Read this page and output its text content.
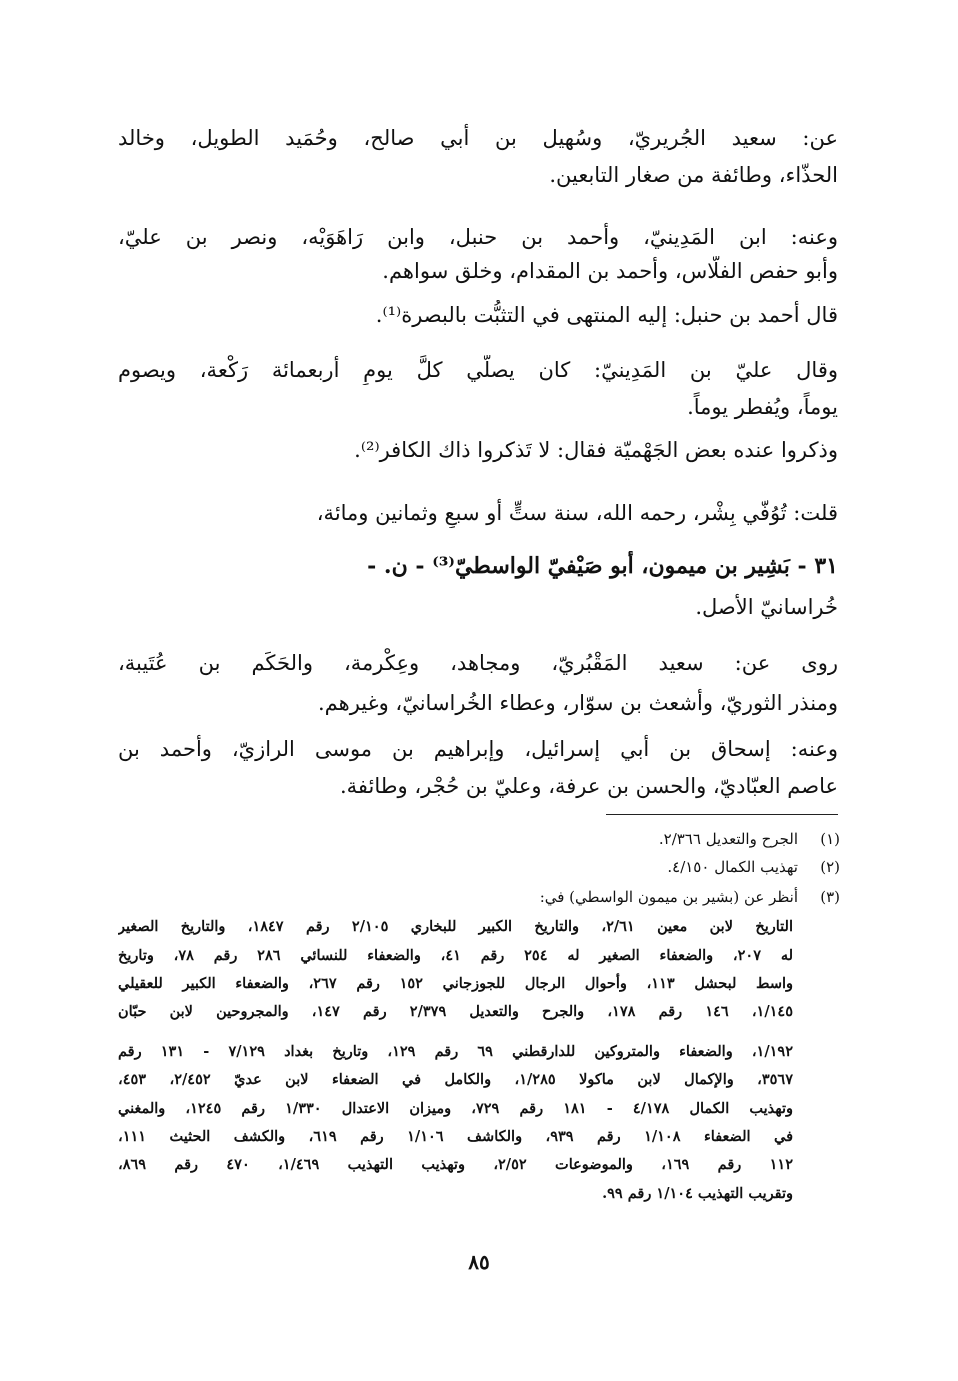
عن: سعيد الجُريريّ، وسُهيل بن أبي صالح، وحُمَيد الطويل، وخالد

الحذّاء، وطائفة من صغار التابعين.

وعنه: ابن المَدِينيّ، وأحمد بن حنبل، وابن رَاهَوَيْه، ونصر بن عليّ،

وأبو حفص الفلّاس، وأحمد بن المقدام، وخلق سواهم.

قال أحمد بن حنبل: إليه المنتهى في التثبُّت بالبصرة⁽¹⁾.

وقال عليّ بن المَدِينيّ: كان يصلّي كلَّ يومٍ أربعمائة رَكْعة، ويصوم

يوماً، ويُفطر يوماً.

وذكروا عنده بعض الجَهْميّة فقال: لا تَذكروا ذاك الكافر⁽²⁾.

قلت: تُوُفّي بِشْر، رحمه الله، سنة ستٍّ أو سبعٍ وثمانين ومائة،

٣١ - بَشِير بن ميمون، أبو صَيْفيّ الواسطيّ⁽³⁾ - ن. -

خُراسانيّ الأصل.

روى عن: سعيد المَقْبُريّ، ومجاهد، وعِكْرمة، والحَكَم بن عُتَيبة،

ومنذر الثوريّ، وأشعث بن سوّار، وعطاء الخُراسانيّ، وغيرهم.

وعنه: إسحاق بن أبي إسرائيل، وإبراهيم بن موسى الرازيّ، وأحمد بن

عاصم العبّاديّ، والحسن بن عرفة، وعليّ بن حُجْر، وطائفة.

(١)
الجرح والتعديل ٢/٣٦٦.
(٢)
تهذيب الكمال ٤/١٥٠.
(٣)
أنظر عن (بشير بن ميمون الواسطي) في:

التاريخ لابن معين ٢/٦١، والتاريخ الكبير للبخاري ٢/١٠٥ رقم ١٨٤٧، والتاريخ الصغير

له ٢٠٧، والضعفاء الصغير له ٢٥٤ رقم ٤١، والضعفاء للنسائي ٢٨٦ رقم ٧٨، وتاريخ

واسط لبحشل ١١٣، وأحوال الرجال للجوزجاني ١٥٢ رقم ٢٦٧، والضعفاء الكبير للعقيلي

١/١٤٥، ١٤٦ رقم ١٧٨، والجرح والتعديل ٢/٣٧٩ رقم ١٤٧، والمجروحين لابن حبّان

١/١٩٢، والضعفاء والمتروكين للدارقطني ٦٩ رقم ١٢٩، وتاريخ بغداد ٧/١٢٩ - ١٣١ رقم

٣٥٦٧، والإكمال لابن ماكولا ١/٢٨٥، والكامل في الضعفاء لابن عديّ ٢/٤٥٢، ٤٥٣،

وتهذيب الكمال ٤/١٧٨ - ١٨١ رقم ٧٢٩، وميزان الاعتدال ١/٣٣٠ رقم ١٢٤٥، والمغني

في الضعفاء ١/١٠٨ رقم ٩٣٩، والكاشف ١/١٠٦ رقم ٦١٩، والكشف الحثيث ١١١،

١١٢ رقم ١٦٩، والموضوعات ٢/٥٢، وتهذيب التهذيب ١/٤٦٩، ٤٧٠ رقم ٨٦٩،

وتقريب التهذيب ١/١٠٤ رقم ٩٩.

٨٥
